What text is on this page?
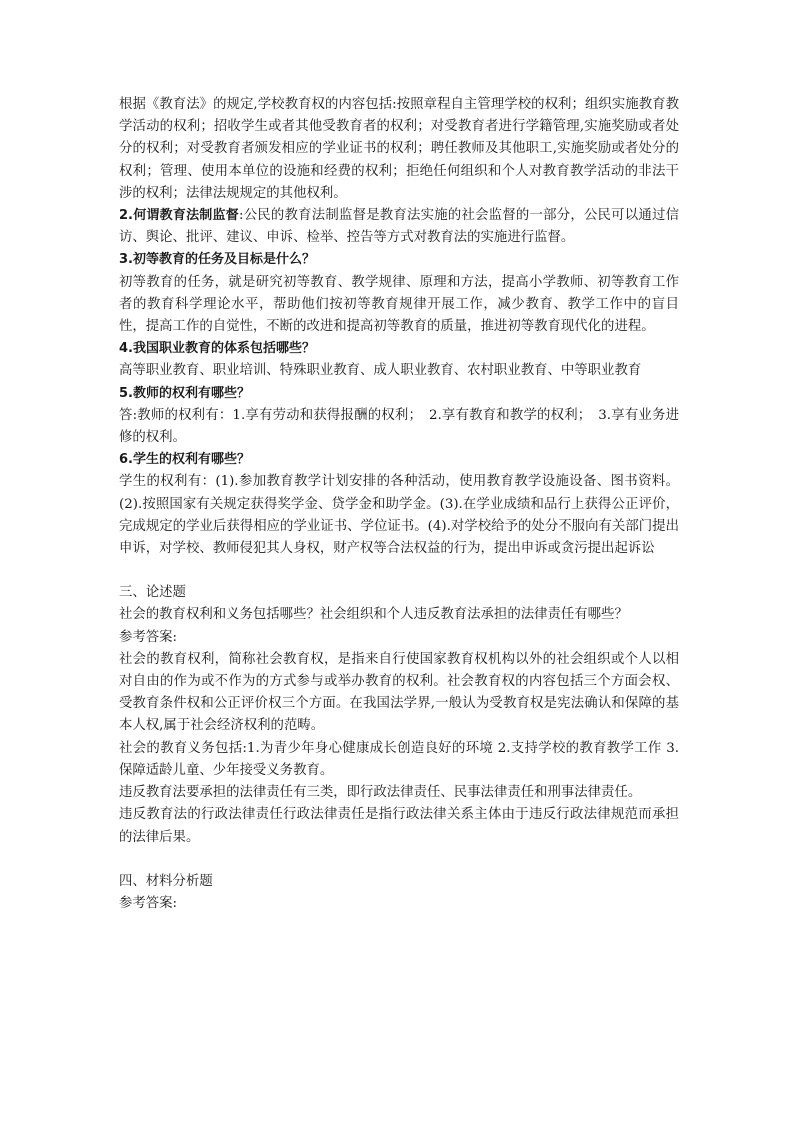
根据《教育法》的规定,学校教育权的内容包括:按照章程自主管理学校的权利；组织实施教育教学活动的权利；招收学生或者其他受教育者的权利；对受教育者进行学籍管理,实施奖励或者处分的权利；对受教育者颁发相应的学业证书的权利；聘任教师及其他职工,实施奖励或者处分的权利；管理、使用本单位的设施和经费的权利；拒绝任何组织和个人对教育教学活动的非法干涉的权利；法律法规规定的其他权利。

2.何谓教育法制监督:公民的教育法制监督是教育法实施的社会监督的一部分，公民可以通过信访、舆论、批评、建议、申诉、检举、控告等方式对教育法的实施进行监督。

3.初等教育的任务及目标是什么？

初等教育的任务，就是研究初等教育、教学规律、原理和方法，提高小学教师、初等教育工作者的教育科学理论水平，帮助他们按初等教育规律开展工作，减少教育、教学工作中的盲目性，提高工作的自觉性，不断的改进和提高初等教育的质量，推进初等教育现代化的进程。

4.我国职业教育的体系包括哪些？

高等职业教育、职业培训、特殊职业教育、成人职业教育、农村职业教育、中等职业教育

5.教师的权利有哪些？

答:教师的权利有：1.享有劳动和获得报酬的权利；　2.享有教育和教学的权利；　3.享有业务进修的权利。

6.学生的权利有哪些？

学生的权利有：(1).参加教育教学计划安排的各种活动，使用教育教学设施设备、图书资料。(2).按照国家有关规定获得奖学金、贷学金和助学金。(3).在学业成绩和品行上获得公正评价，完成规定的学业后获得相应的学业证书、学位证书。(4).对学校给予的处分不服向有关部门提出申诉，对学校、教师侵犯其人身权，财产权等合法权益的行为，提出申诉或贪污提出起诉讼

三、论述题

社会的教育权利和义务包括哪些？社会组织和个人违反教育法承担的法律责任有哪些？

参考答案:

社会的教育权利，简称社会教育权，是指来自行使国家教育权机构以外的社会组织或个人以相对自由的作为或不作为的方式参与或举办教育的权利。社会教育权的内容包括三个方面会权、受教育条件权和公正评价权三个方面。在我国法学界,一般认为受教育权是宪法确认和保障的基本人权,属于社会经济权利的范畴。

社会的教育义务包括:1.为青少年身心健康成长创造良好的环境 2.支持学校的教育教学工作 3.保障适龄儿童、少年接受义务教育。

违反教育法要承担的法律责任有三类，即行政法律责任、民事法律责任和刑事法律责任。

违反教育法的行政法律责任行政法律责任是指行政法律关系主体由于违反行政法律规范而承担的法律后果。

四、材料分析题

参考答案:
